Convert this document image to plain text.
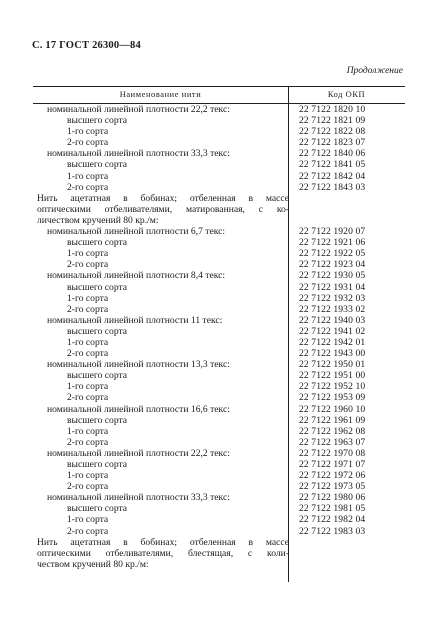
С. 17 ГОСТ 26300—84
Продолжение
Наименование нити	Код ОКП
номинальной линейной плотности 22,2 текс:	22 7122 1820 10
высшего сорта	22 7122 1821 09
1-го сорта	22 7122 1822 08
2-го сорта	22 7122 1823 07
номинальной линейной плотности 33,3 текс:	22 7122 1840 06
высшего сорта	22 7122 1841 05
1-го сорта	22 7122 1842 04
2-го сорта	22 7122 1843 03
Нить ацетатная в бобинах; отбеленная в массе
оптическими отбеливателями, матированная, с ко-
личеством кручений 80 кр./м:
номинальной линейной плотности 6,7 текс:	22 7122 1920 07
высшего сорта	22 7122 1921 06
1-го сорта	22 7122 1922 05
2-го сорта	22 7122 1923 04
номинальной линейной плотности 8,4 текс:	22 7122 1930 05
высшего сорта	22 7122 1931 04
1-го сорта	22 7122 1932 03
2-го сорта	22 7122 1933 02
номинальной линейной плотности 11 текс:	22 7122 1940 03
высшего сорта	22 7122 1941 02
1-го сорта	22 7122 1942 01
2-го сорта	22 7122 1943 00
номинальной линейной плотности 13,3 текс:	22 7122 1950 01
высшего сорта	22 7122 1951 00
1-го сорта	22 7122 1952 10
2-го сорта	22 7122 1953 09
номинальной линейной плотности 16,6 текс:	22 7122 1960 10
высшего сорта	22 7122 1961 09
1-го сорта	22 7122 1962 08
2-го сорта	22 7122 1963 07
номинальной линейной плотности 22,2 текс:	22 7122 1970 08
высшего сорта	22 7122 1971 07
1-го сорта	22 7122 1972 06
2-го сорта	22 7122 1973 05
номинальной линейной плотности 33,3 текс:	22 7122 1980 06
высшего сорта	22 7122 1981 05
1-го сорта	22 7122 1982 04
2-го сорта	22 7122 1983 03
Нить ацетатная в бобинах; отбеленная в массе
оптическими отбеливателями, блестящая, с коли-
чеством кручений 80 кр./м:
